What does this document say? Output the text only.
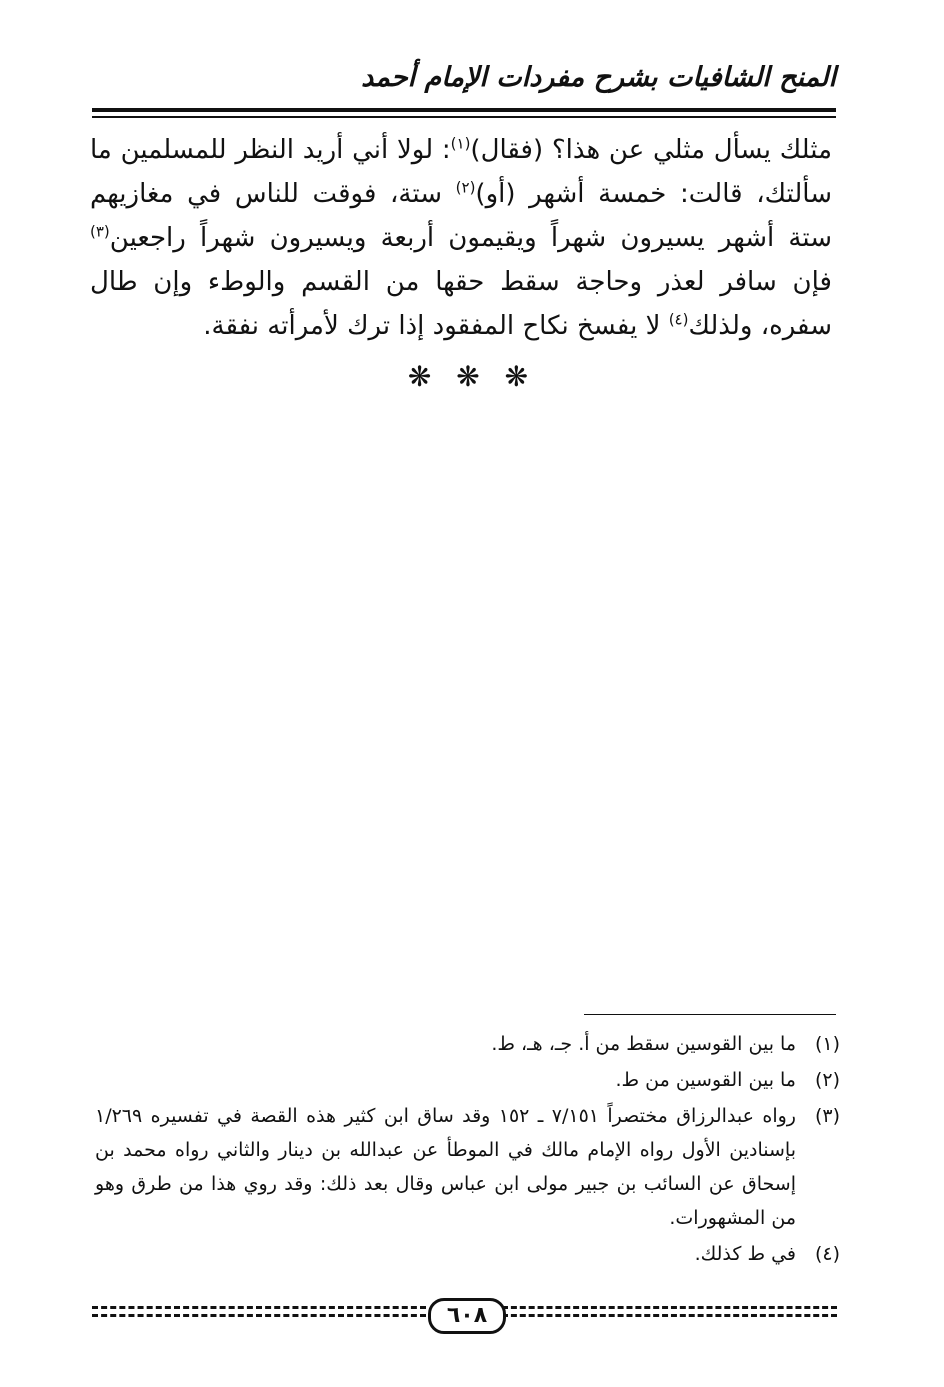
المنح الشافيات بشرح مفردات الإمام أحمد

مثلك يسأل مثلي عن هذا؟ (فقال)$^{(١)}$: لولا أني أريد النظر للمسلمين ما سألتك، قالت: خمسة أشهر (أو)$^{(٢)}$ ستة، فوقت للناس في مغازيهم ستة أشهر يسيرون شهراً ويقيمون أربعة ويسيرون شهراً راجعين$^{(٣)}$ فإن سافر لعذر وحاجة سقط حقها من القسم والوطء وإن طال سفره، ولذلك$^{(٤)}$ لا يفسخ نكاح المفقود إذا ترك لأمرأته نفقة.

❋ ❋ ❋
(١)
ما بين القوسين سقط من أ. جـ، هـ، ط.
(٢)
ما بين القوسين من ط.
(٣)
رواه عبدالرزاق مختصراً ٧/١٥١ ـ ١٥٢ وقد ساق ابن كثير هذه القصة في تفسيره ١/٢٦٩ بإسنادين الأول رواه الإمام مالك في الموطأ عن عبدالله بن دينار والثاني رواه محمد بن إسحاق عن السائب بن جبير مولى ابن عباس وقال بعد ذلك: وقد روي هذا من طرق وهو من المشهورات.
(٤)
في ط كذلك.
٦٠٨
